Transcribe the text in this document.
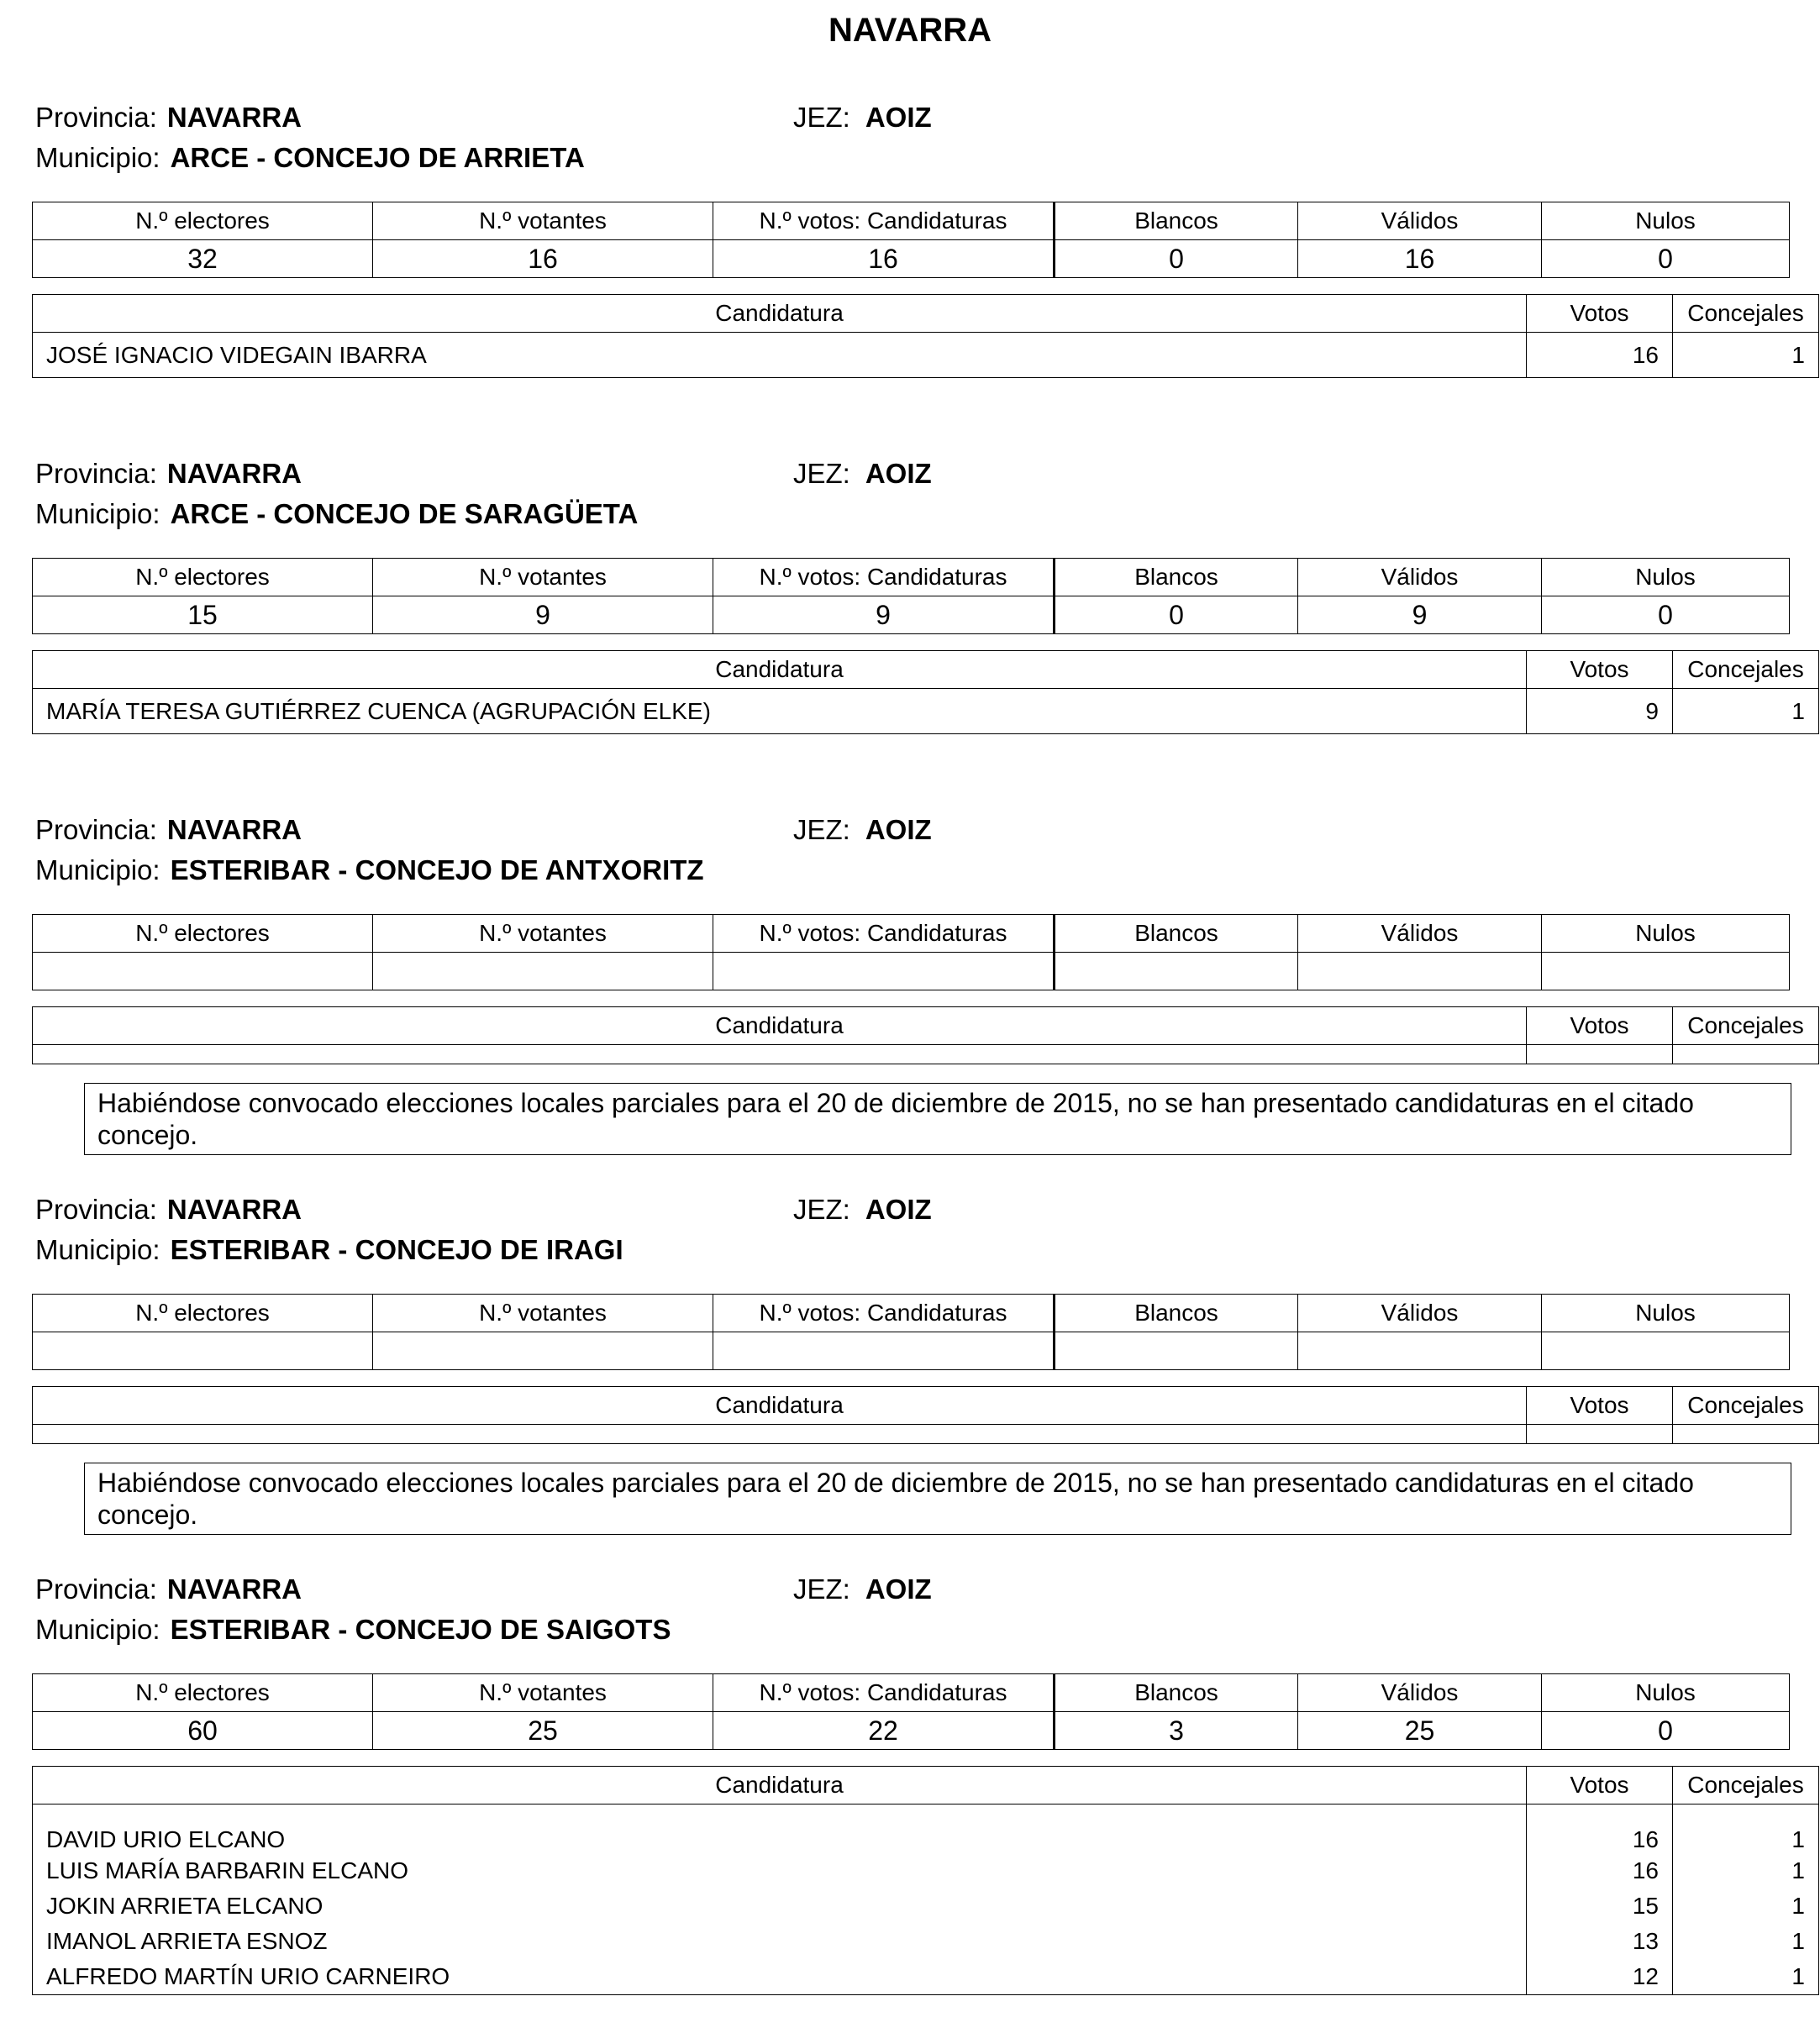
NAVARRA
Provincia: NAVARRA	JEZ: AOIZ
Municipio: ARCE - CONCEJO DE ARRIETA
N.º electores	N.º votantes	N.º votos: Candidaturas	Blancos	Válidos	Nulos
32	16	16	0	16	0
Candidatura	Votos	Concejales
JOSÉ IGNACIO VIDEGAIN IBARRA	16	1
Provincia: NAVARRA	JEZ: AOIZ
Municipio: ARCE - CONCEJO DE SARAGÜETA
N.º electores	N.º votantes	N.º votos: Candidaturas	Blancos	Válidos	Nulos
15	9	9	0	9	0
Candidatura	Votos	Concejales
MARÍA TERESA GUTIÉRREZ CUENCA (AGRUPACIÓN ELKE)	9	1
Provincia: NAVARRA	JEZ: AOIZ
Municipio: ESTERIBAR - CONCEJO DE ANTXORITZ
N.º electores	N.º votantes	N.º votos: Candidaturas	Blancos	Válidos	Nulos

Candidatura	Votos	Concejales

Habiéndose convocado elecciones locales parciales para el 20 de diciembre de 2015, no se han presentado candidaturas en el citado concejo.
Provincia: NAVARRA	JEZ: AOIZ
Municipio: ESTERIBAR - CONCEJO DE IRAGI
N.º electores	N.º votantes	N.º votos: Candidaturas	Blancos	Válidos	Nulos

Candidatura	Votos	Concejales

Habiéndose convocado elecciones locales parciales para el 20 de diciembre de 2015, no se han presentado candidaturas en el citado concejo.
Provincia: NAVARRA	JEZ: AOIZ
Municipio: ESTERIBAR - CONCEJO DE SAIGOTS
N.º electores	N.º votantes	N.º votos: Candidaturas	Blancos	Válidos	Nulos
60	25	22	3	25	0
Candidatura	Votos	Concejales
DAVID URIO ELCANO	16	1
LUIS MARÍA BARBARIN ELCANO	16	1
JOKIN ARRIETA ELCANO	15	1
IMANOL ARRIETA ESNOZ	13	1
ALFREDO MARTÍN URIO CARNEIRO	12	1
